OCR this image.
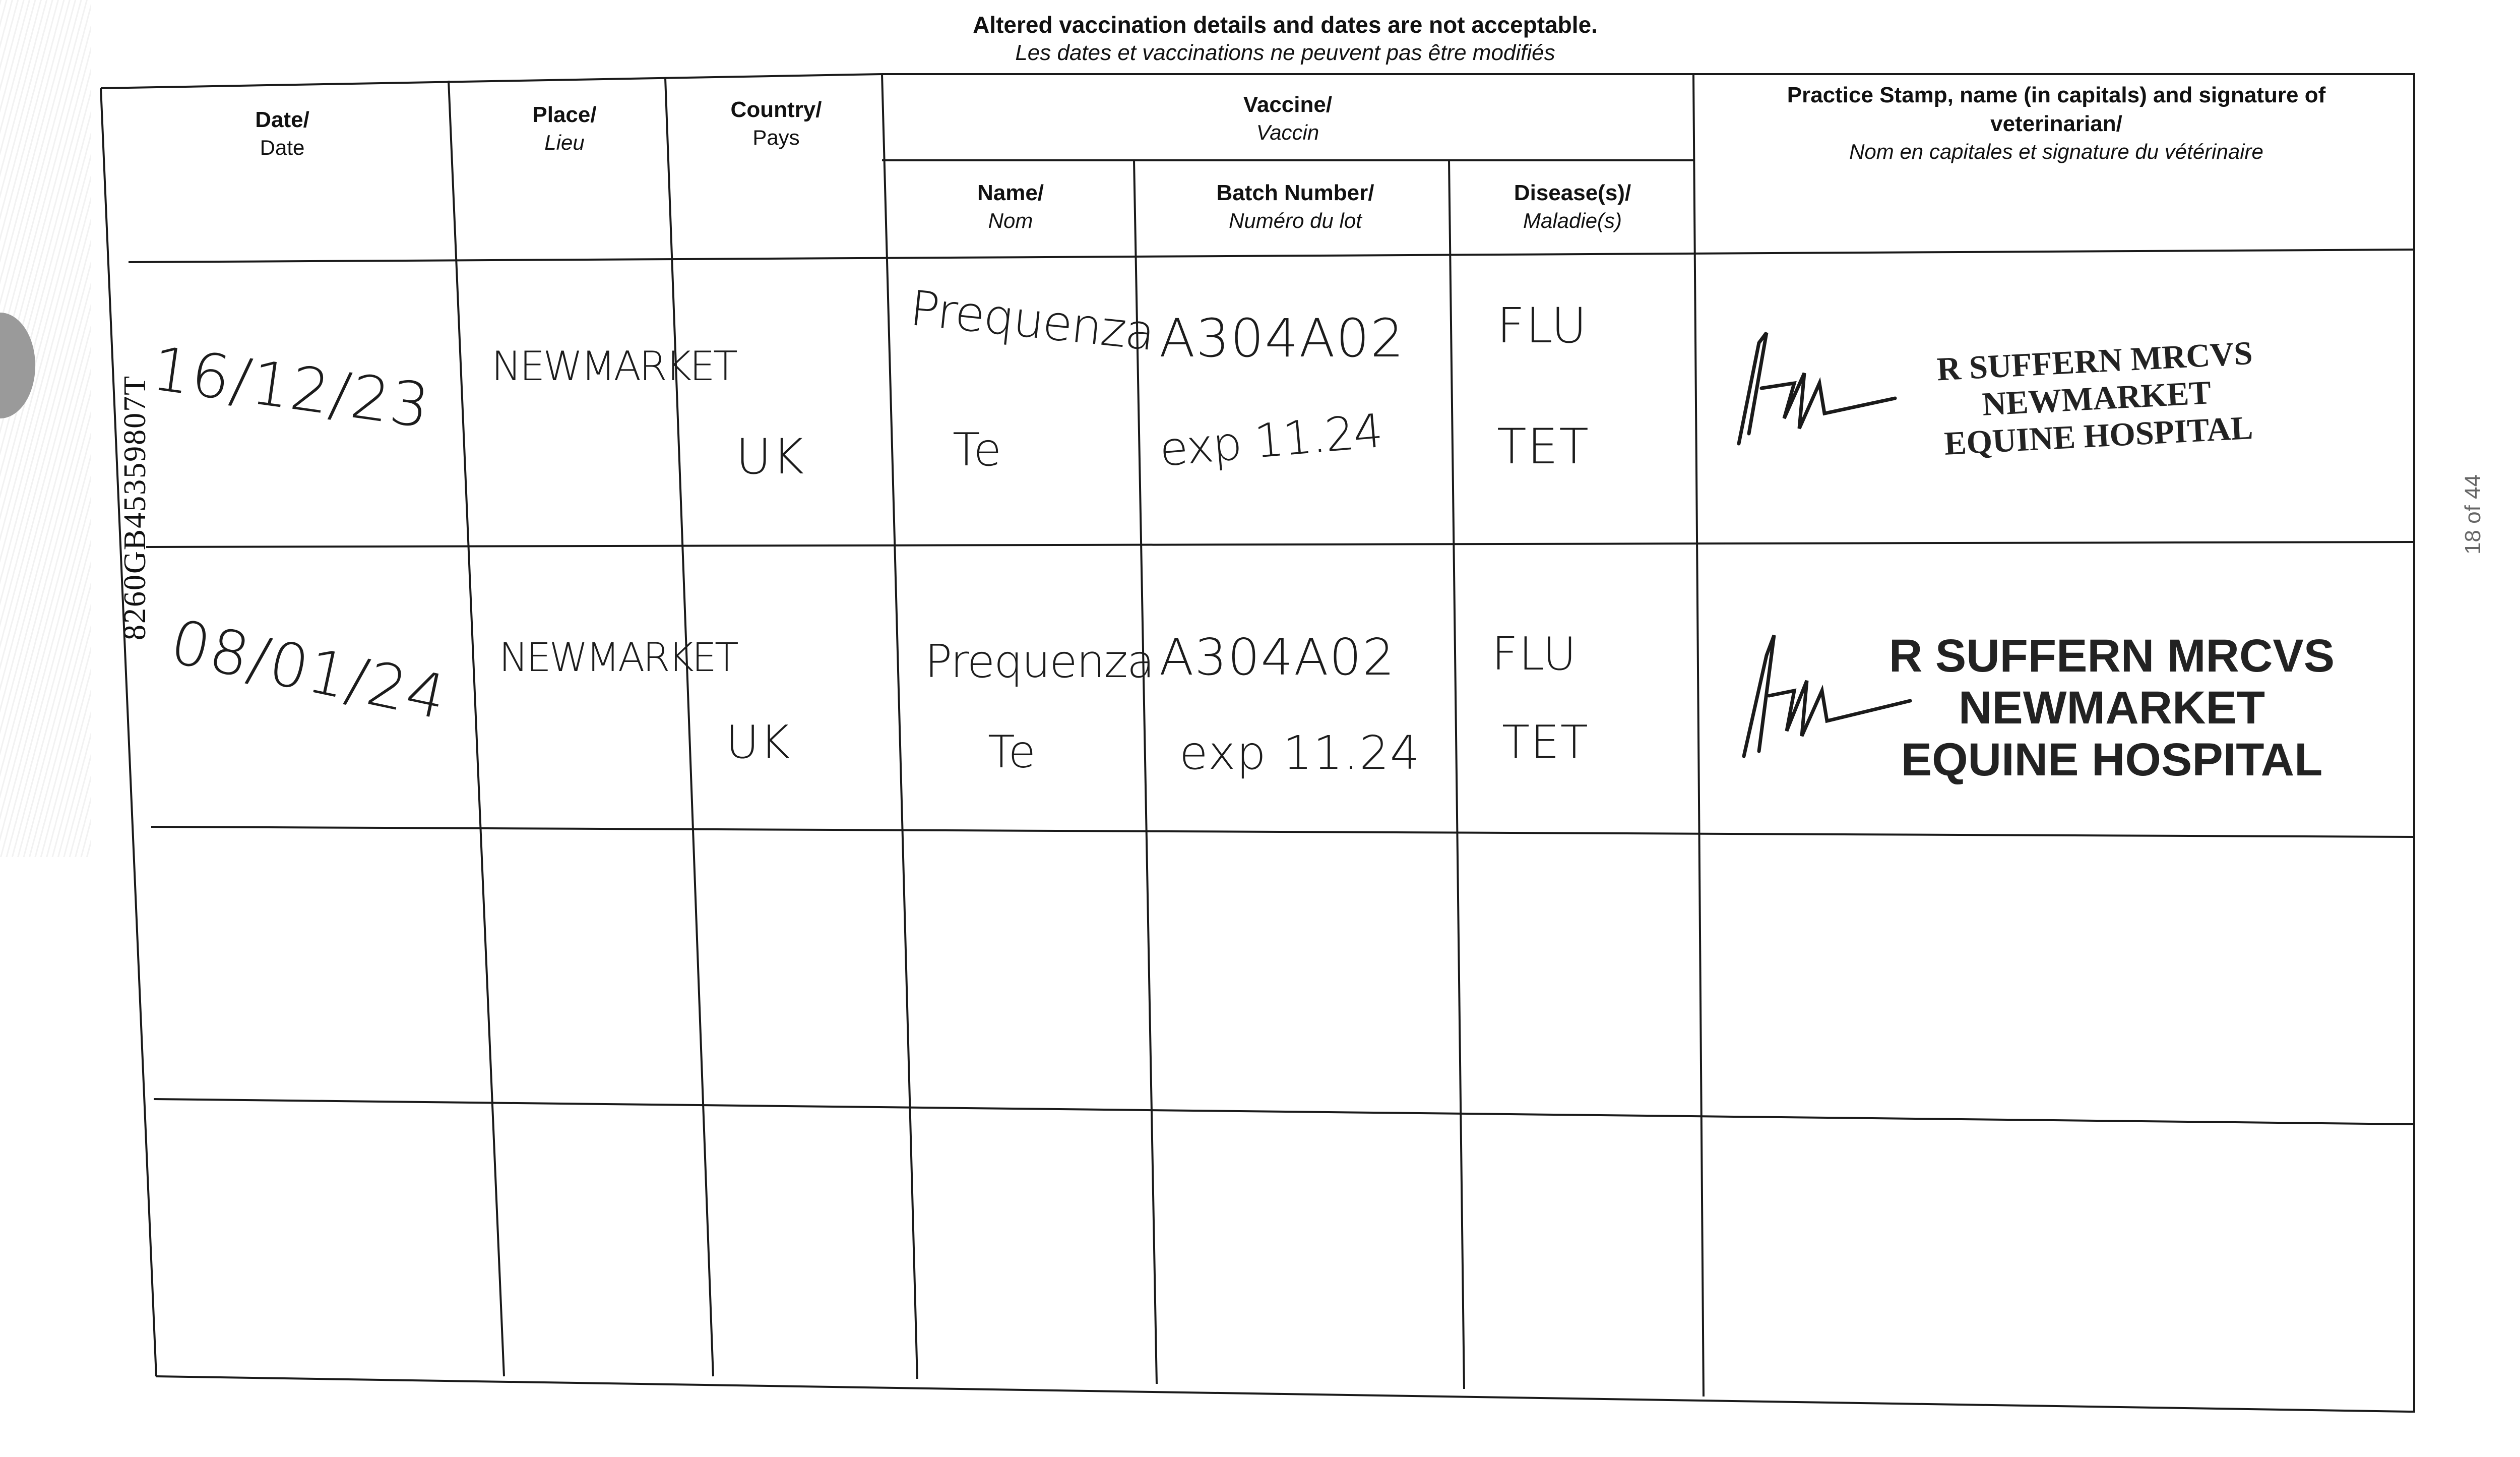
8260GB45359807T	18 of 44
Altered vaccination details and dates are not acceptable.
Les dates et vaccinations ne peuvent pas être modifiés
Date/
Date
Place/
Lieu
Country/
Pays
Vaccine/
Vaccin
Name/
Nom
Batch Number/
Numéro du lot
Disease(s)/
Maladie(s)
Practice Stamp, name (in capitals) and signature of veterinarian/
Nom en capitales et signature du vétérinaire
16/12/23 NEWMARKET
UK
Prequenza
Te
A304A02
exp 11.24
FLU
TET
R SUFFERN MRCVS
NEWMARKET
EQUINE HOSPITAL
08/01/24 NEWMARKET
UK
Prequenza
Te
A304A02
exp 11.24
FLU
TET
R SUFFERN MRCVS
NEWMARKET
EQUINE HOSPITAL
